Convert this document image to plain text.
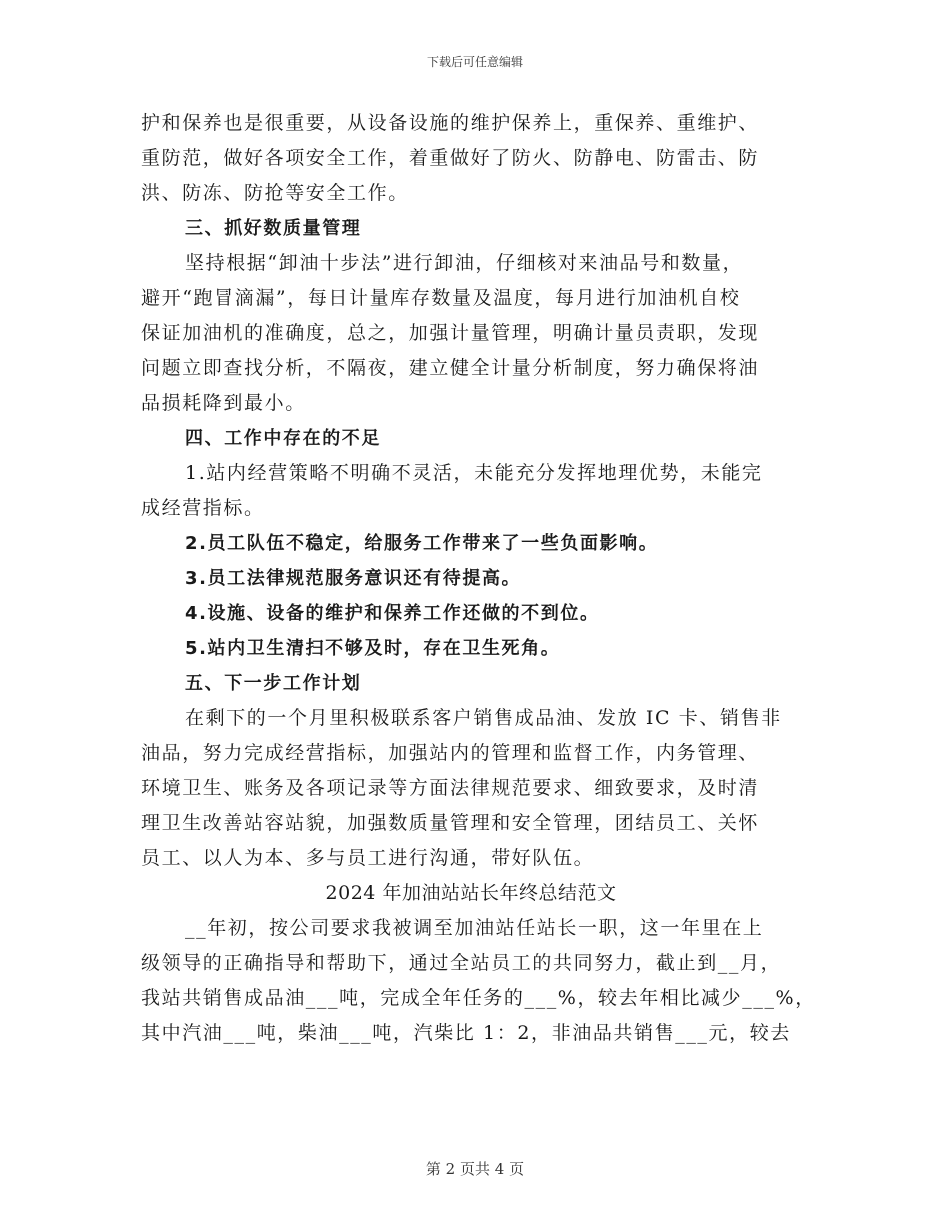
下载后可任意编辑
护和保养也是很重要，从设备设施的维护保养上，重保养、重维护、
重防范，做好各项安全工作，着重做好了防火、防静电、防雷击、防
洪、防冻、防抢等安全工作。
三、抓好数质量管理
坚持根据“卸油十步法”进行卸油，仔细核对来油品号和数量，
避开“跑冒滴漏”，每日计量库存数量及温度，每月进行加油机自校
保证加油机的准确度，总之，加强计量管理，明确计量员责职，发现
问题立即查找分析，不隔夜，建立健全计量分析制度，努力确保将油
品损耗降到最小。
四、工作中存在的不足
1.站内经营策略不明确不灵活，未能充分发挥地理优势，未能完
成经营指标。
2.员工队伍不稳定，给服务工作带来了一些负面影响。
3.员工法律规范服务意识还有待提高。
4.设施、设备的维护和保养工作还做的不到位。
5.站内卫生清扫不够及时，存在卫生死角。
五、下一步工作计划
在剩下的一个月里积极联系客户销售成品油、发放 IC 卡、销售非
油品，努力完成经营指标，加强站内的管理和监督工作，内务管理、
环境卫生、账务及各项记录等方面法律规范要求、细致要求，及时清
理卫生改善站容站貌，加强数质量管理和安全管理，团结员工、关怀
员工、以人为本、多与员工进行沟通，带好队伍。
2024 年加油站站长年终总结范文
__年初，按公司要求我被调至加油站任站长一职，这一年里在上
级领导的正确指导和帮助下，通过全站员工的共同努力，截止到__月，
我站共销售成品油___吨，完成全年任务的___%，较去年相比减少___%，
其中汽油___吨，柴油___吨，汽柴比 1：2，非油品共销售___元，较去
第 2 页共 4 页
